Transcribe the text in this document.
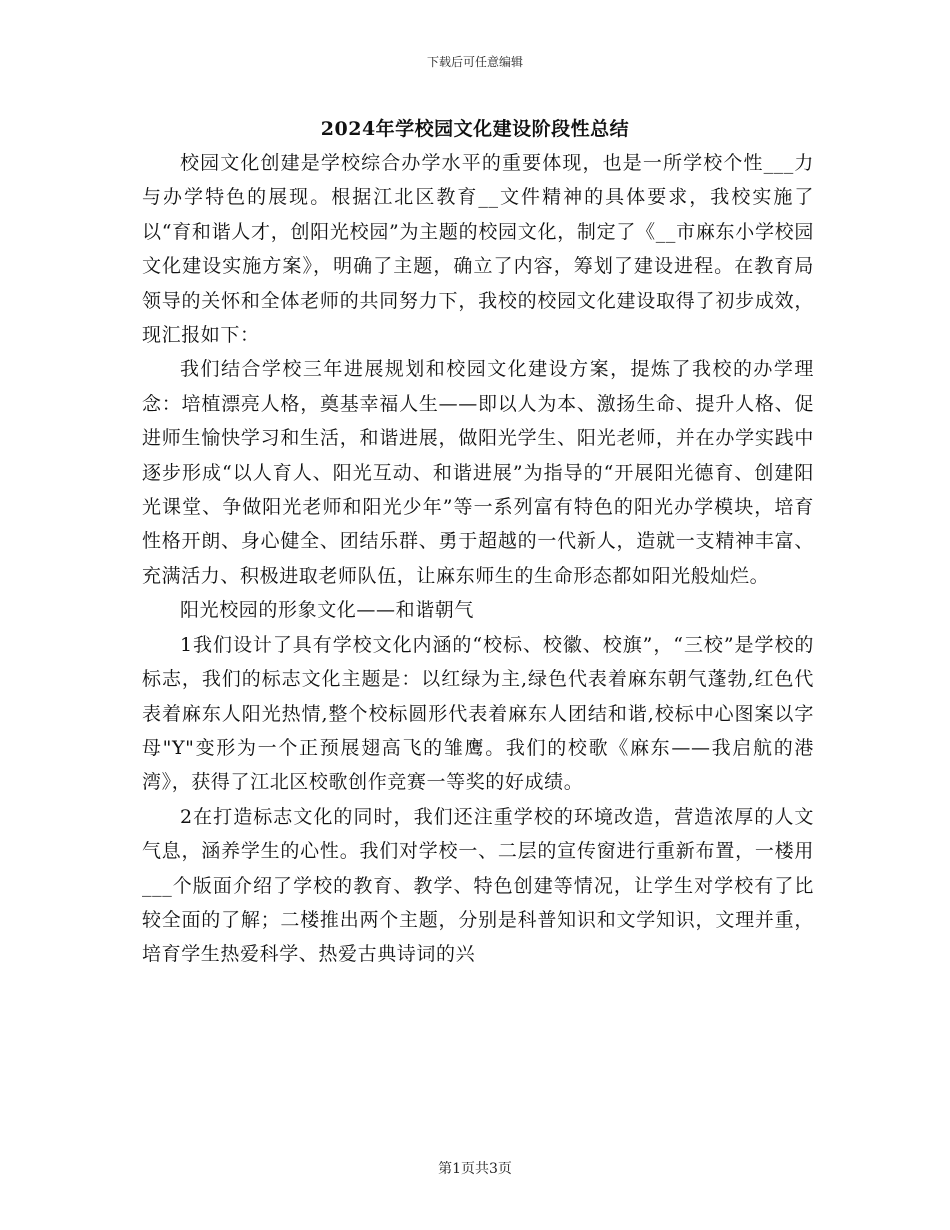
下载后可任意编辑
2024年学校园文化建设阶段性总结

校园文化创建是学校综合办学水平的重要体现，也是一所学校个性___力与办学特色的展现。根据江北区教育__文件精神的具体要求，我校实施了以“育和谐人才，创阳光校园”为主题的校园文化，制定了《__市麻东小学校园文化建设实施方案》，明确了主题，确立了内容，筹划了建设进程。在教育局领导的关怀和全体老师的共同努力下，我校的校园文化建设取得了初步成效，现汇报如下：

我们结合学校三年进展规划和校园文化建设方案，提炼了我校的办学理念：培植漂亮人格，奠基幸福人生——即以人为本、激扬生命、提升人格、促进师生愉快学习和生活，和谐进展，做阳光学生、阳光老师，并在办学实践中逐步形成“以人育人、阳光互动、和谐进展”为指导的“开展阳光德育、创建阳光课堂、争做阳光老师和阳光少年”等一系列富有特色的阳光办学模块，培育性格开朗、身心健全、团结乐群、勇于超越的一代新人，造就一支精神丰富、充满活力、积极进取老师队伍，让麻东师生的生命形态都如阳光般灿烂。

阳光校园的形象文化——和谐朝气

1我们设计了具有学校文化内涵的“校标、校徽、校旗”，“三校”是学校的标志，我们的标志文化主题是：以红绿为主,绿色代表着麻东朝气蓬勃,红色代表着麻东人阳光热情,整个校标圆形代表着麻东人团结和谐,校标中心图案以字母"Y"变形为一个正预展翅高飞的雏鹰。我们的校歌《麻东——我启航的港湾》，获得了江北区校歌创作竞赛一等奖的好成绩。

2在打造标志文化的同时，我们还注重学校的环境改造，营造浓厚的人文气息，涵养学生的心性。我们对学校一、二层的宣传窗进行重新布置，一楼用___个版面介绍了学校的教育、教学、特色创建等情况，让学生对学校有了比较全面的了解；二楼推出两个主题，分别是科普知识和文学知识，文理并重，培育学生热爱科学、热爱古典诗词的兴

第1页共3页
